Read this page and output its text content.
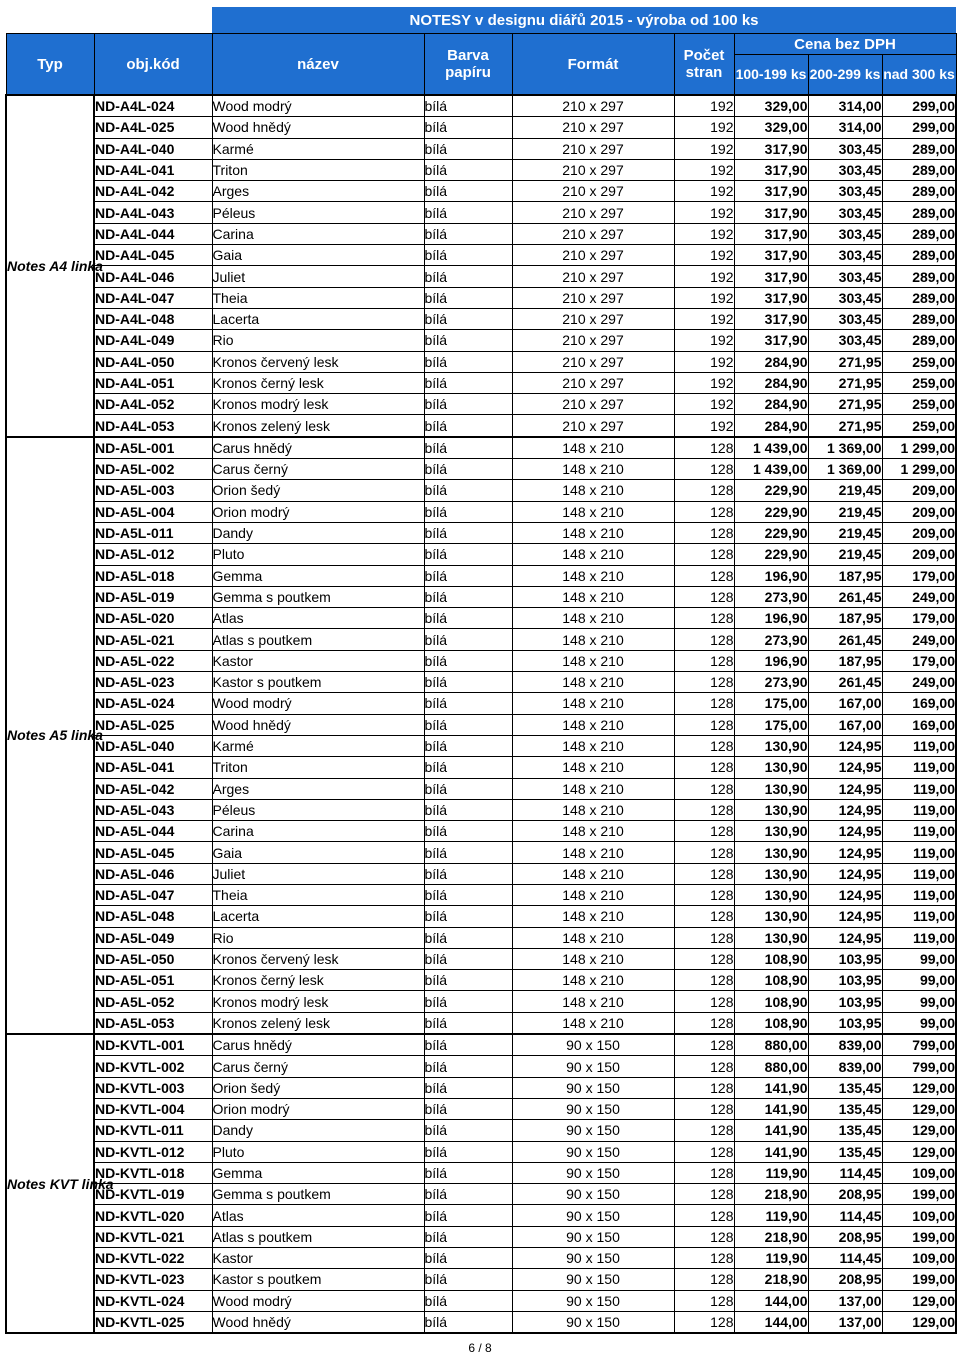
		NOTESY v designu diářů 2015 - výroba od 100 ks						
Typ	obj.kód	název	Barva papíru	Formát	Počet stran	Cena bez DPH		
						100-199 ks	200-299 ks	nad 300 ks
Notes A4 linka	ND-A4L-024	Wood modrý	bílá	210 x 297	192	329,00	314,00	299,00
	ND-A4L-025	Wood hnědý	bílá	210 x 297	192	329,00	314,00	299,00
	ND-A4L-040	Karmé	bílá	210 x 297	192	317,90	303,45	289,00
	ND-A4L-041	Triton	bílá	210 x 297	192	317,90	303,45	289,00
	ND-A4L-042	Arges	bílá	210 x 297	192	317,90	303,45	289,00
	ND-A4L-043	Péleus	bílá	210 x 297	192	317,90	303,45	289,00
	ND-A4L-044	Carina	bílá	210 x 297	192	317,90	303,45	289,00
	ND-A4L-045	Gaia	bílá	210 x 297	192	317,90	303,45	289,00
	ND-A4L-046	Juliet	bílá	210 x 297	192	317,90	303,45	289,00
	ND-A4L-047	Theia	bílá	210 x 297	192	317,90	303,45	289,00
	ND-A4L-048	Lacerta	bílá	210 x 297	192	317,90	303,45	289,00
	ND-A4L-049	Rio	bílá	210 x 297	192	317,90	303,45	289,00
	ND-A4L-050	Kronos červený lesk	bílá	210 x 297	192	284,90	271,95	259,00
	ND-A4L-051	Kronos černý lesk	bílá	210 x 297	192	284,90	271,95	259,00
	ND-A4L-052	Kronos modrý lesk	bílá	210 x 297	192	284,90	271,95	259,00
	ND-A4L-053	Kronos zelený lesk	bílá	210 x 297	192	284,90	271,95	259,00
Notes A5 linka	ND-A5L-001	Carus hnědý	bílá	148 x 210	128	1 439,00	1 369,00	1 299,00
	ND-A5L-002	Carus černý	bílá	148 x 210	128	1 439,00	1 369,00	1 299,00
	ND-A5L-003	Orion šedý	bílá	148 x 210	128	229,90	219,45	209,00
	ND-A5L-004	Orion modrý	bílá	148 x 210	128	229,90	219,45	209,00
	ND-A5L-011	Dandy	bílá	148 x 210	128	229,90	219,45	209,00
	ND-A5L-012	Pluto	bílá	148 x 210	128	229,90	219,45	209,00
	ND-A5L-018	Gemma	bílá	148 x 210	128	196,90	187,95	179,00
	ND-A5L-019	Gemma s poutkem	bílá	148 x 210	128	273,90	261,45	249,00
	ND-A5L-020	Atlas	bílá	148 x 210	128	196,90	187,95	179,00
	ND-A5L-021	Atlas s poutkem	bílá	148 x 210	128	273,90	261,45	249,00
	ND-A5L-022	Kastor	bílá	148 x 210	128	196,90	187,95	179,00
	ND-A5L-023	Kastor s poutkem	bílá	148 x 210	128	273,90	261,45	249,00
	ND-A5L-024	Wood modrý	bílá	148 x 210	128	175,00	167,00	169,00
	ND-A5L-025	Wood hnědý	bílá	148 x 210	128	175,00	167,00	169,00
	ND-A5L-040	Karmé	bílá	148 x 210	128	130,90	124,95	119,00
	ND-A5L-041	Triton	bílá	148 x 210	128	130,90	124,95	119,00
	ND-A5L-042	Arges	bílá	148 x 210	128	130,90	124,95	119,00
	ND-A5L-043	Péleus	bílá	148 x 210	128	130,90	124,95	119,00
	ND-A5L-044	Carina	bílá	148 x 210	128	130,90	124,95	119,00
	ND-A5L-045	Gaia	bílá	148 x 210	128	130,90	124,95	119,00
	ND-A5L-046	Juliet	bílá	148 x 210	128	130,90	124,95	119,00
	ND-A5L-047	Theia	bílá	148 x 210	128	130,90	124,95	119,00
	ND-A5L-048	Lacerta	bílá	148 x 210	128	130,90	124,95	119,00
	ND-A5L-049	Rio	bílá	148 x 210	128	130,90	124,95	119,00
	ND-A5L-050	Kronos červený lesk	bílá	148 x 210	128	108,90	103,95	99,00
	ND-A5L-051	Kronos černý lesk	bílá	148 x 210	128	108,90	103,95	99,00
	ND-A5L-052	Kronos modrý lesk	bílá	148 x 210	128	108,90	103,95	99,00
	ND-A5L-053	Kronos zelený lesk	bílá	148 x 210	128	108,90	103,95	99,00
Notes KVT linka	ND-KVTL-001	Carus hnědý	bílá	90 x 150	128	880,00	839,00	799,00
	ND-KVTL-002	Carus černý	bílá	90 x 150	128	880,00	839,00	799,00
	ND-KVTL-003	Orion šedý	bílá	90 x 150	128	141,90	135,45	129,00
	ND-KVTL-004	Orion modrý	bílá	90 x 150	128	141,90	135,45	129,00
	ND-KVTL-011	Dandy	bílá	90 x 150	128	141,90	135,45	129,00
	ND-KVTL-012	Pluto	bílá	90 x 150	128	141,90	135,45	129,00
	ND-KVTL-018	Gemma	bílá	90 x 150	128	119,90	114,45	109,00
	ND-KVTL-019	Gemma s poutkem	bílá	90 x 150	128	218,90	208,95	199,00
	ND-KVTL-020	Atlas	bílá	90 x 150	128	119,90	114,45	109,00
	ND-KVTL-021	Atlas s poutkem	bílá	90 x 150	128	218,90	208,95	199,00
	ND-KVTL-022	Kastor	bílá	90 x 150	128	119,90	114,45	109,00
	ND-KVTL-023	Kastor s poutkem	bílá	90 x 150	128	218,90	208,95	199,00
	ND-KVTL-024	Wood modrý	bílá	90 x 150	128	144,00	137,00	129,00
	ND-KVTL-025	Wood hnědý	bílá	90 x 150	128	144,00	137,00	129,00
6 / 8
